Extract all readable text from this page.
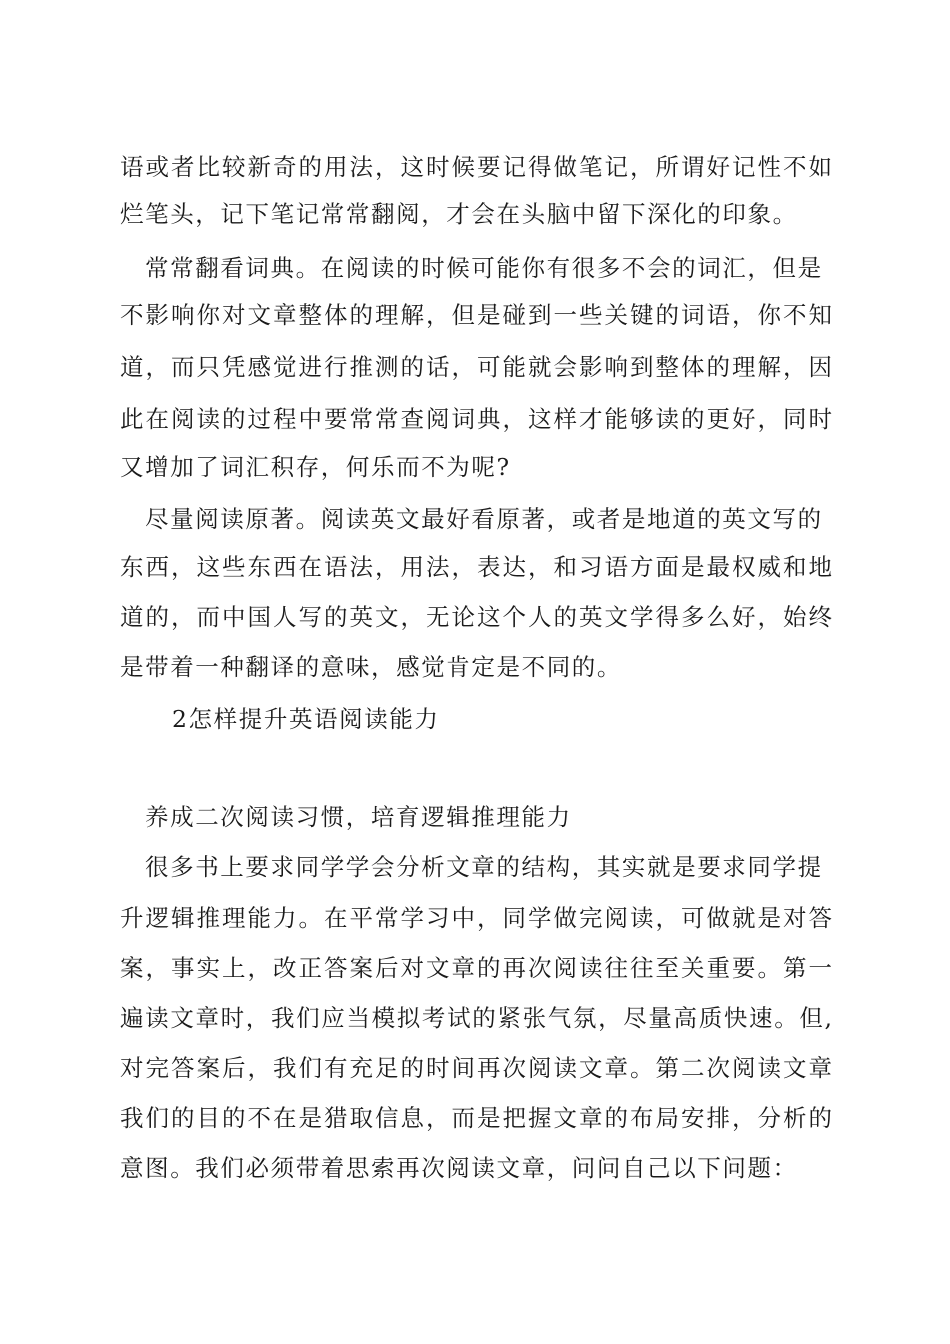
语或者比较新奇的用法，这时候要记得做笔记，所谓好记性不如
烂笔头，记下笔记常常翻阅，才会在头脑中留下深化的印象。
常常翻看词典。在阅读的时候可能你有很多不会的词汇，但是
不影响你对文章整体的理解，但是碰到一些关键的词语，你不知
道，而只凭感觉进行推测的话，可能就会影响到整体的理解，因
此在阅读的过程中要常常查阅词典，这样才能够读的更好，同时
又增加了词汇积存，何乐而不为呢?
尽量阅读原著。阅读英文最好看原著，或者是地道的英文写的
东西，这些东西在语法，用法，表达，和习语方面是最权威和地
道的，而中国人写的英文，无论这个人的英文学得多么好，始终
是带着一种翻译的意味，感觉肯定是不同的。
2怎样提升英语阅读能力
养成二次阅读习惯，培育逻辑推理能力
很多书上要求同学学会分析文章的结构，其实就是要求同学提
升逻辑推理能力。在平常学习中，同学做完阅读，可做就是对答
案，事实上，改正答案后对文章的再次阅读往往至关重要。第一
遍读文章时，我们应当模拟考试的紧张气氛，尽量高质快速。但,
对完答案后，我们有充足的时间再次阅读文章。第二次阅读文章
我们的目的不在是猎取信息，而是把握文章的布局安排，分析的
意图。我们必须带着思索再次阅读文章，问问自己以下问题：
